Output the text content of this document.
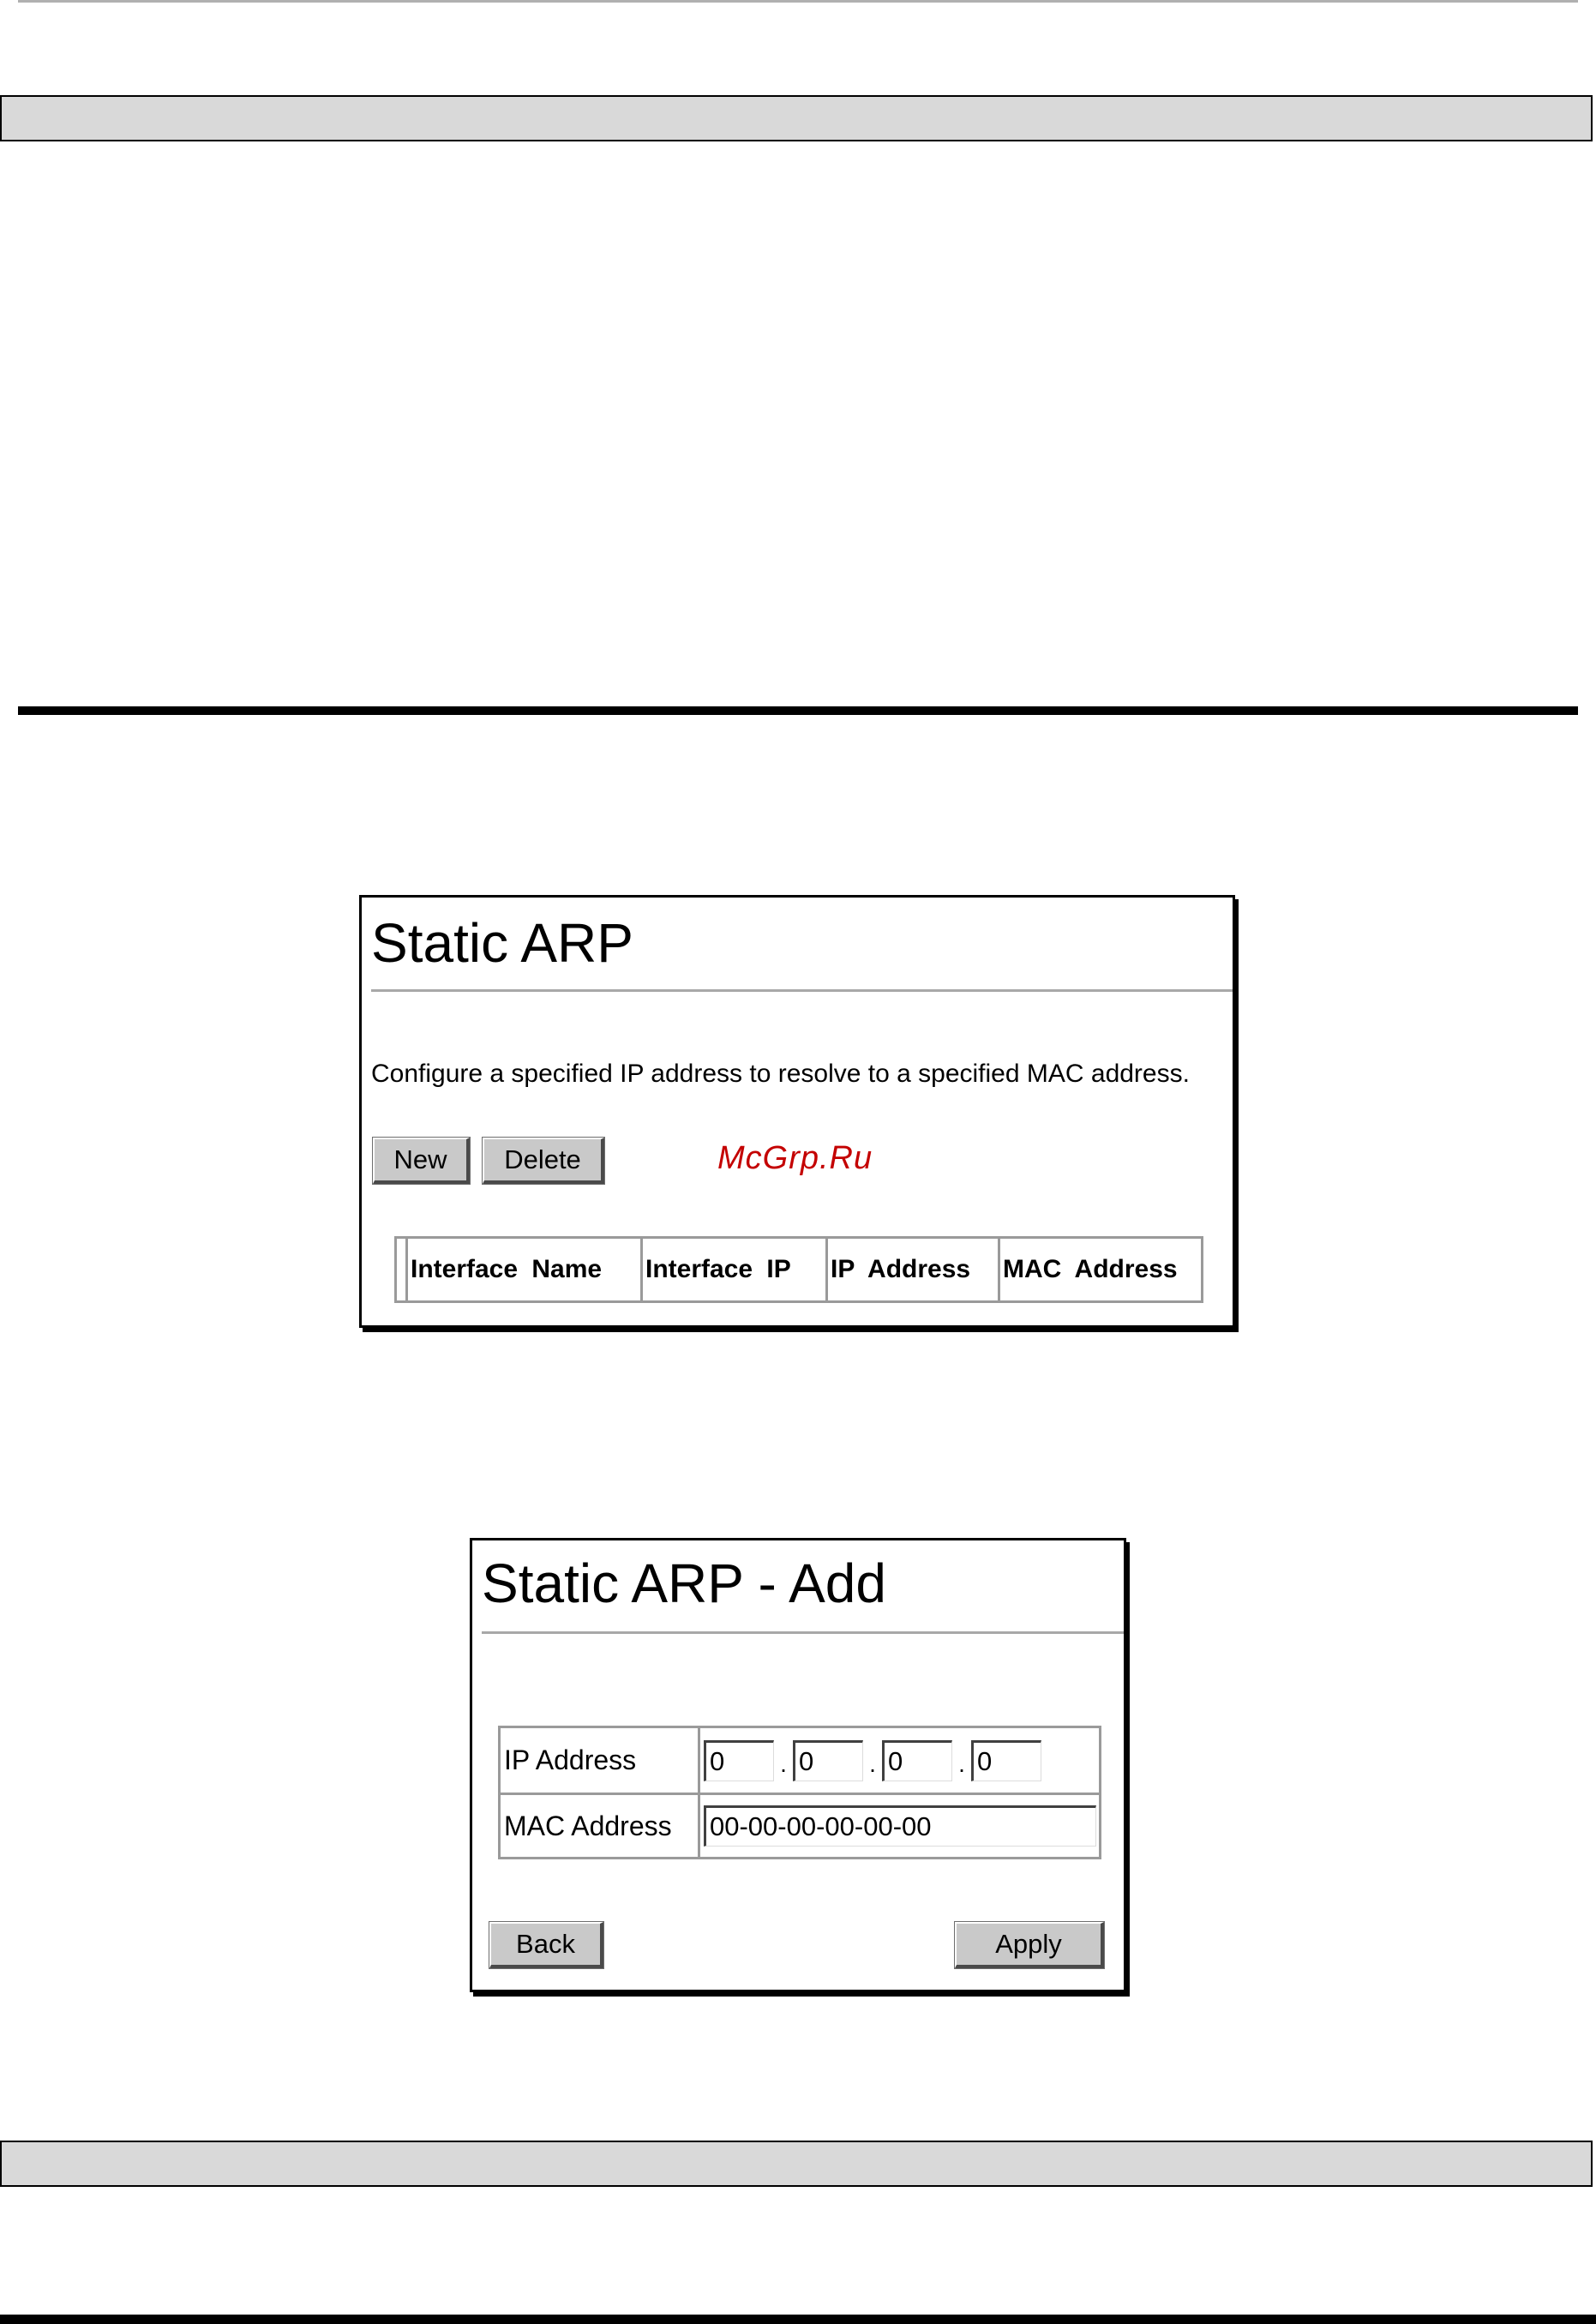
Static ARP
Configure a specified IP address to resolve to a specified MAC address.
New	Delete	McGrp.Ru
	Interface Name	Interface IP	IP Address	MAC Address
Static ARP - Add
IP Address	0.0 .0 .0
MAC Address	00-00-00-00-00-00
Back	Apply
